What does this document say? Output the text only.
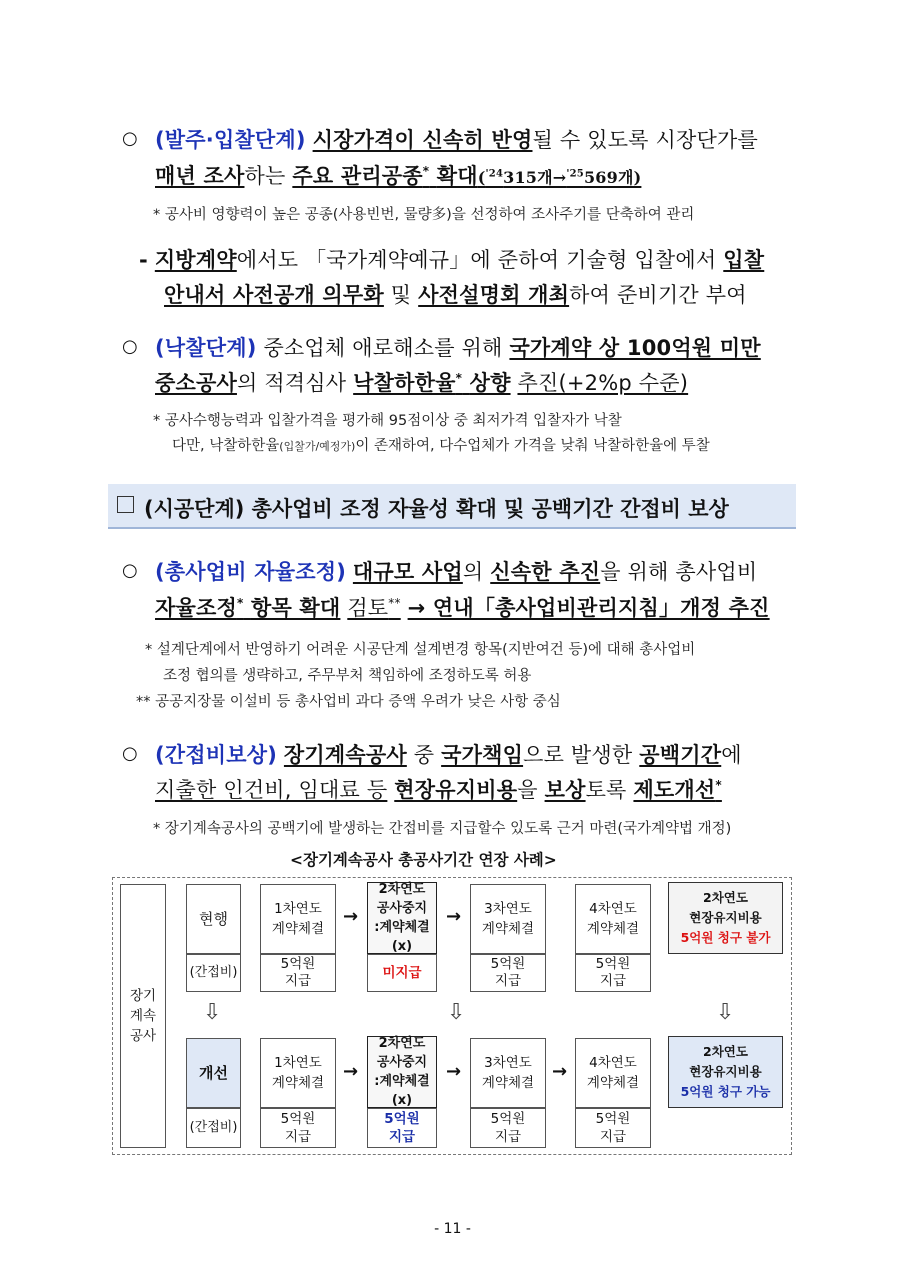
○ (발주·입찰단계) 시장가격이 신속히 반영될 수 있도록 시장단가를
매년 조사하는 주요 관리공종* 확대($^{'24}$315개→$^{'25}$569개)
* 공사비 영향력이 높은 공종(사용빈번, 물량多)을 선정하여 조사주기를 단축하여 관리
- 지방계약에서도 「국가계약예규」에 준하여 기술형 입찰에서 입찰
안내서 사전공개 의무화 및 사전설명회 개최하여 준비기간 부여
○ (낙찰단계) 중소업체 애로해소를 위해 국가계약 상 100억원 미만
중소공사의 적격심사 낙찰하한율* 상향 추진(+2%p 수준)
* 공사수행능력과 입찰가격을 평가해 95점이상 중 최저가격 입찰자가 낙찰
다만, 낙찰하한율(입찰가/예정가)이 존재하여, 다수업체가 가격을 낮춰 낙찰하한율에 투찰
(시공단계) 총사업비 조정 자율성 확대 및 공백기간 간접비 보상
○ (총사업비 자율조정) 대규모 사업의 신속한 추진을 위해 총사업비
자율조정* 항목 확대 검토** → 연내「총사업비관리지침」개정 추진
* 설계단계에서 반영하기 어려운 시공단계 설계변경 항목(지반여건 등)에 대해 총사업비
조정 협의를 생략하고, 주무부처 책임하에 조정하도록 허용
** 공공지장물 이설비 등 총사업비 과다 증액 우려가 낮은 사항 중심
○ (간접비보상) 장기계속공사 중 국가책임으로 발생한 공백기간에
지출한 인건비, 임대료 등 현장유지비용을 보상토록 제도개선*
* 장기계속공사의 공백기에 발생하는 간접비를 지급할수 있도록 근거 마련(국가계약법 개정)
<장기계속공사 총공사기간 연장 사례>
장기
계속
공사
현행
(간접비)
1차연도
계약체결
5억원
지급
→
2차연도
공사중지
:계약체결(x)
미지급
→ 3차연도
계약체결
5억원
지급
4차연도
계약체결
5억원
지급
2차연도
현장유지비용
5억원 청구 불가
⇩	⇩	⇩
개선
(간접비)
1차연도
계약체결
5억원
지급
→
2차연도
공사중지
:계약체결(x)
5억원
지급
→ 3차연도
계약체결
5억원
지급
→ 4차연도
계약체결
5억원
지급
2차연도
현장유지비용
5억원 청구 가능
- 11 -
